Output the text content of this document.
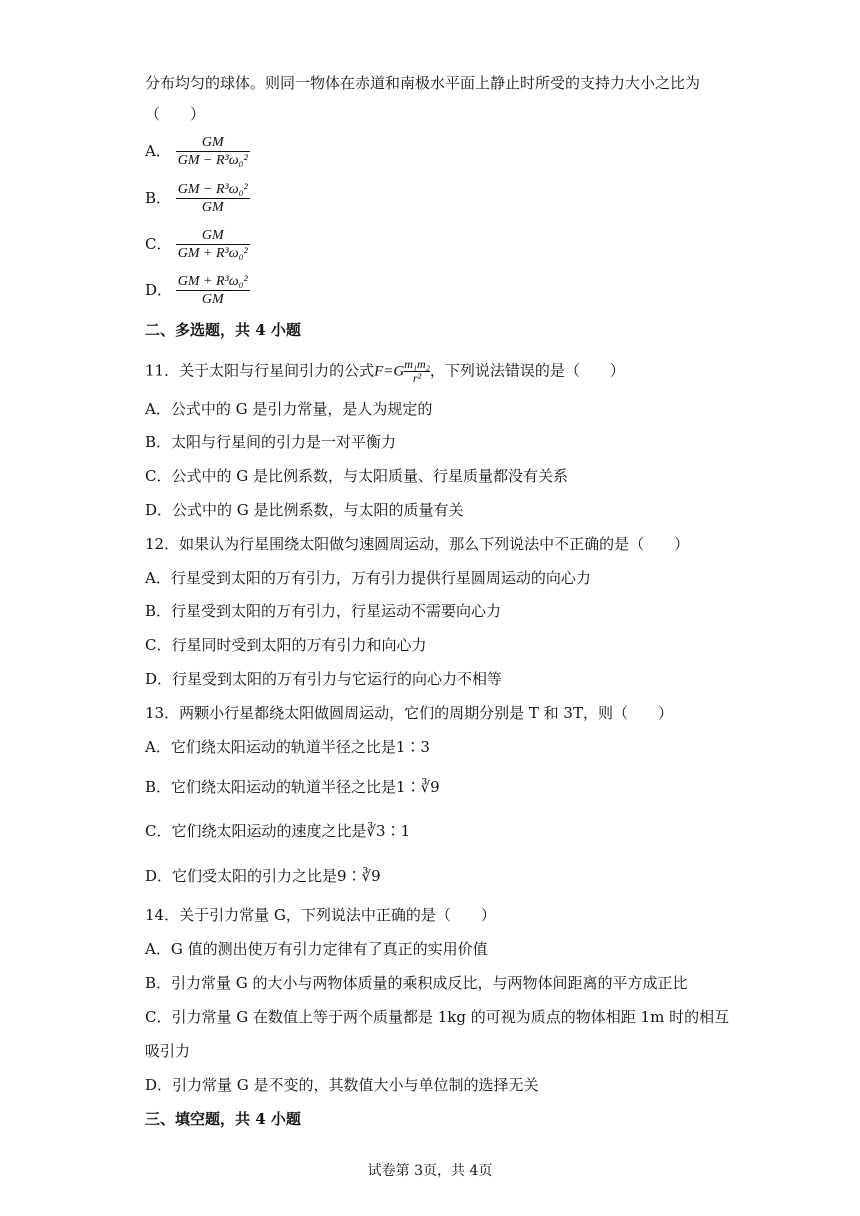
分布均匀的球体。则同一物体在赤道和南极水平面上静止时所受的支持力大小之比为
（　　）
A． $\frac{GM}{\text{GM − R³ω₀²}}$
B． $\frac{\text{GM − R³ω₀²}}{GM}$
C． $\frac{GM}{\text{GM + R³ω₀²}}$
D． $\frac{\text{GM + R³ω₀²}}{GM}$
二、多选题，共 4 小题
11．关于太阳与行星间引力的公式$F=G \frac{\text{m₁m₂}}{\text{r²}}$ ，下列说法错误的是（　　）
A．公式中的 G 是引力常量，是人为规定的
B．太阳与行星间的引力是一对平衡力
C．公式中的 G 是比例系数，与太阳质量、行星质量都没有关系
D．公式中的 G 是比例系数，与太阳的质量有关
12．如果认为行星围绕太阳做匀速圆周运动，那么下列说法中不正确的是（　　）
A．行星受到太阳的万有引力，万有引力提供行星圆周运动的向心力
B．行星受到太阳的万有引力，行星运动不需要向心力
C．行星同时受到太阳的万有引力和向心力
D．行星受到太阳的万有引力与它运行的向心力不相等
13．两颗小行星都绕太阳做圆周运动，它们的周期分别是 T 和 3T，则（　　）
A．它们绕太阳运动的轨道半径之比是1∶3
B．它们绕太阳运动的轨道半径之比是1∶∛9
C．它们绕太阳运动的速度之比是∛3∶1
D．它们受太阳的引力之比是9∶∛9
14．关于引力常量 G，下列说法中正确的是（　　）
A．G 值的测出使万有引力定律有了真正的实用价值
B．引力常量 G 的大小与两物体质量的乘积成反比，与两物体间距离的平方成正比
C．引力常量 G 在数值上等于两个质量都是 1kg 的可视为质点的物体相距 1m 时的相互
吸引力
D．引力常量 G 是不变的，其数值大小与单位制的选择无关
三、填空题，共 4 小题
试卷第 3页，共 4页
